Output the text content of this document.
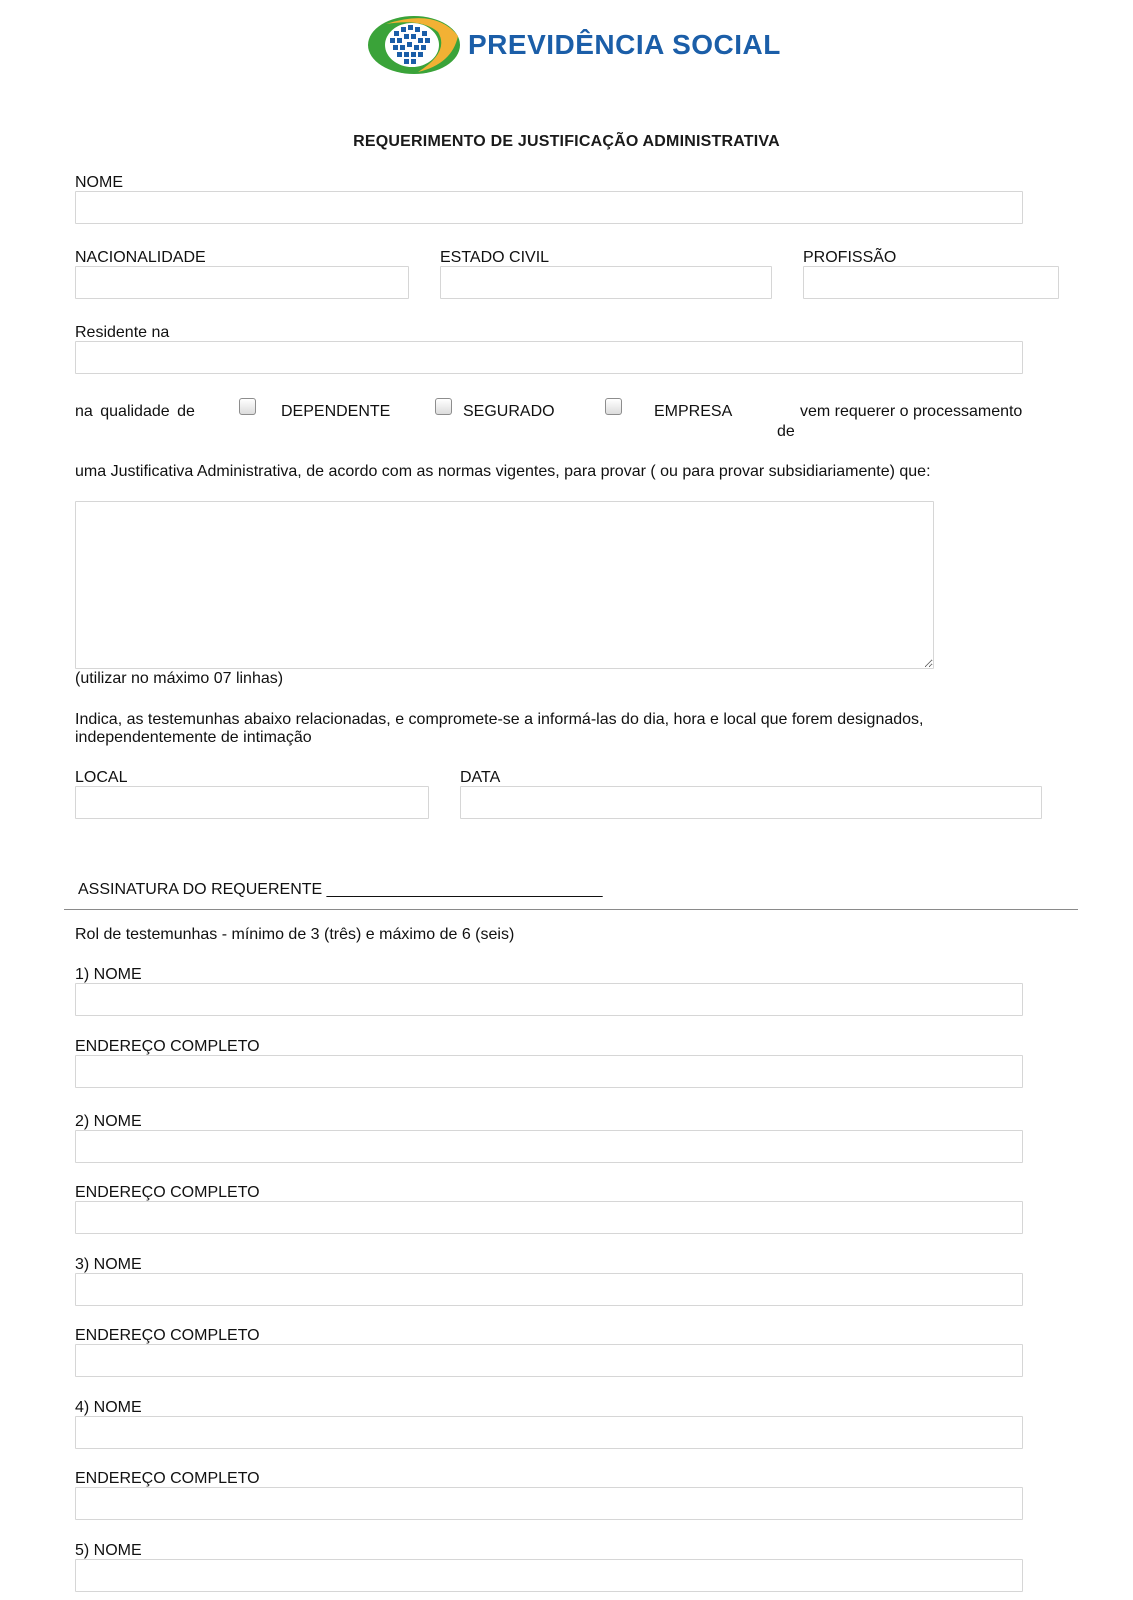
PREVIDÊNCIA SOCIAL
REQUERIMENTO DE JUSTIFICAÇÃO ADMINISTRATIVA
NOME
NACIONALIDADE	ESTADO CIVIL	PROFISSÃO
Residente na
na qualidade de	DEPENDENTE	SEGURADO	EMPRESA	vem requerer o processamento
de
uma Justificativa Administrativa, de acordo com as normas vigentes, para provar ( ou para provar subsidiariamente) que:
(utilizar no máximo 07 linhas)
Indica, as testemunhas abaixo relacionadas, e compromete-se a informá-las do dia, hora e local que forem designados,
independentemente de intimação
LOCAL	DATA
ASSINATURA DO REQUERENTE _______________________________
Rol de testemunhas - mínimo de 3 (três) e máximo de 6 (seis)
1) NOME
ENDEREÇO COMPLETO
2) NOME
ENDEREÇO COMPLETO
3) NOME
ENDEREÇO COMPLETO
4) NOME
ENDEREÇO COMPLETO
5) NOME
